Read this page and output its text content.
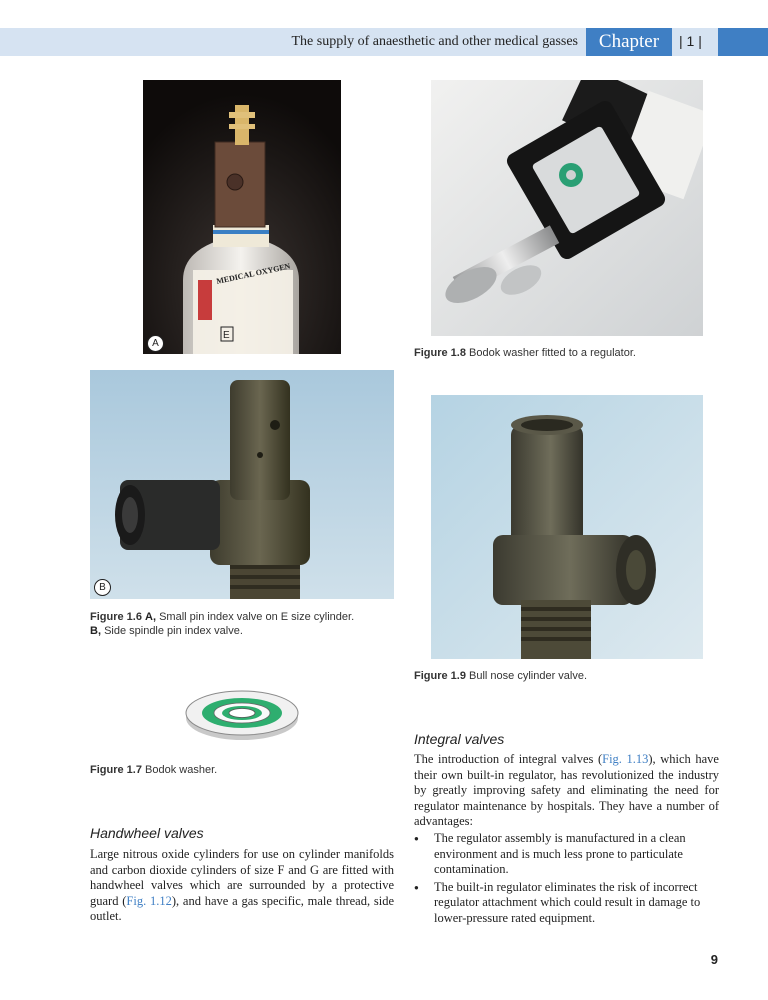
The supply of anaesthetic and other medical gasses	Chapter	| 1 |
E
MEDICAL OXYGEN
A
Figure 1.8 Bodok washer fitted to a regulator.
B
Figure 1.6 A, Small pin index valve on E size cylinder.
B, Side spindle pin index valve.
Figure 1.9 Bull nose cylinder valve.
Figure 1.7 Bodok washer.
Handwheel valves
Large nitrous oxide cylinders for use on cylinder manifolds and carbon dioxide cylinders of size F and G are fitted with handwheel valves which are surrounded by a protective guard (Fig. 1.12), and have a gas specific, male thread, side outlet.
Integral valves
The introduction of integral valves (Fig. 1.13), which have their own built-in regulator, has revolutionized the industry by greatly improving safety and eliminating the need for regulator maintenance by hospitals. They have a number of advantages:
● The regulator assembly is manufactured in a clean environment and is much less prone to particulate contamination.
● The built-in regulator eliminates the risk of incorrect regulator attachment which could result in damage to lower-pressure rated equipment.
9
